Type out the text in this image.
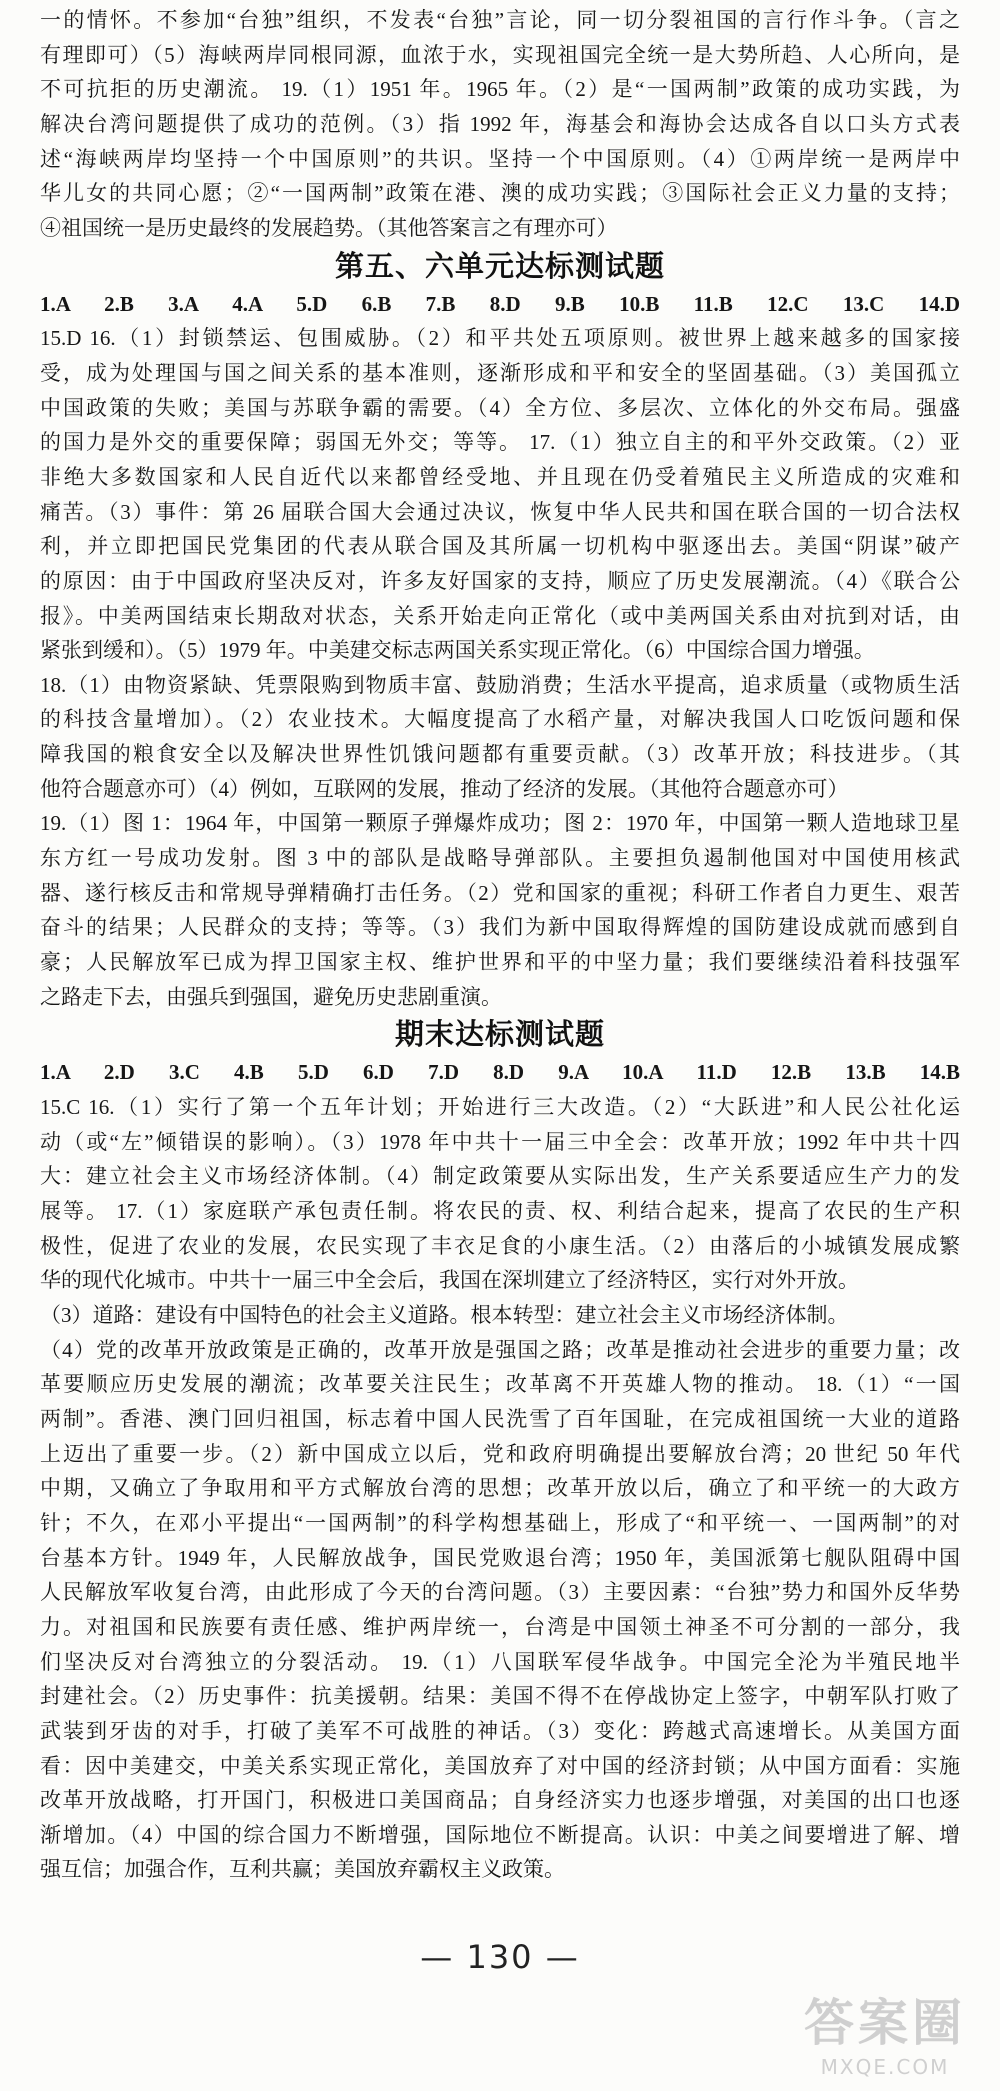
一的情怀。不参加“台独”组织，不发表“台独”言论，同一切分裂祖国的言行作斗争。（言之
有理即可）（5）海峡两岸同根同源，血浓于水，实现祖国完全统一是大势所趋、人心所向，是
不可抗拒的历史潮流。 19.（1）1951 年。1965 年。（2）是“一国两制”政策的成功实践，为
解决台湾问题提供了成功的范例。（3）指 1992 年，海基会和海协会达成各自以口头方式表
述“海峡两岸均坚持一个中国原则”的共识。坚持一个中国原则。（4）①两岸统一是两岸中
华儿女的共同心愿；②“一国两制”政策在港、澳的成功实践；③国际社会正义力量的支持；
④祖国统一是历史最终的发展趋势。（其他答案言之有理亦可）
第五、六单元达标测试题
1.A 2.B 3.A 4.A 5.D 6.B 7.B 8.D 9.B 10.B 11.B 12.C 13.C 14.D
15.D 16.（1）封锁禁运、包围威胁。（2）和平共处五项原则。被世界上越来越多的国家接
受，成为处理国与国之间关系的基本准则，逐渐形成和平和安全的坚固基础。（3）美国孤立
中国政策的失败；美国与苏联争霸的需要。（4）全方位、多层次、立体化的外交布局。强盛
的国力是外交的重要保障；弱国无外交；等等。 17.（1）独立自主的和平外交政策。（2）亚
非绝大多数国家和人民自近代以来都曾经受地、并且现在仍受着殖民主义所造成的灾难和
痛苦。（3）事件：第 26 届联合国大会通过决议，恢复中华人民共和国在联合国的一切合法权
利，并立即把国民党集团的代表从联合国及其所属一切机构中驱逐出去。美国“阴谋”破产
的原因：由于中国政府坚决反对，许多友好国家的支持，顺应了历史发展潮流。（4）《联合公
报》。中美两国结束长期敌对状态，关系开始走向正常化（或中美两国关系由对抗到对话，由
紧张到缓和）。（5）1979 年。中美建交标志两国关系实现正常化。（6）中国综合国力增强。
18.（1）由物资紧缺、凭票限购到物质丰富、鼓励消费；生活水平提高，追求质量（或物质生活
的科技含量增加）。（2）农业技术。大幅度提高了水稻产量，对解决我国人口吃饭问题和保
障我国的粮食安全以及解决世界性饥饿问题都有重要贡献。（3）改革开放；科技进步。（其
他符合题意亦可）（4）例如，互联网的发展，推动了经济的发展。（其他符合题意亦可）
19.（1）图 1：1964 年，中国第一颗原子弹爆炸成功；图 2：1970 年，中国第一颗人造地球卫星
东方红一号成功发射。图 3 中的部队是战略导弹部队。主要担负遏制他国对中国使用核武
器、遂行核反击和常规导弹精确打击任务。（2）党和国家的重视；科研工作者自力更生、艰苦
奋斗的结果；人民群众的支持；等等。（3）我们为新中国取得辉煌的国防建设成就而感到自
豪；人民解放军已成为捍卫国家主权、维护世界和平的中坚力量；我们要继续沿着科技强军
之路走下去，由强兵到强国，避免历史悲剧重演。
期末达标测试题
1.A 2.D 3.C 4.B 5.D 6.D 7.D 8.D 9.A 10.A 11.D 12.B 13.B 14.B
15.C 16.（1）实行了第一个五年计划；开始进行三大改造。（2）“大跃进”和人民公社化运
动（或“左”倾错误的影响）。（3）1978 年中共十一届三中全会：改革开放；1992 年中共十四
大：建立社会主义市场经济体制。（4）制定政策要从实际出发，生产关系要适应生产力的发
展等。 17.（1）家庭联产承包责任制。将农民的责、权、利结合起来，提高了农民的生产积
极性，促进了农业的发展，农民实现了丰衣足食的小康生活。（2）由落后的小城镇发展成繁
华的现代化城市。中共十一届三中全会后，我国在深圳建立了经济特区，实行对外开放。
（3）道路：建设有中国特色的社会主义道路。根本转型：建立社会主义市场经济体制。
（4）党的改革开放政策是正确的，改革开放是强国之路；改革是推动社会进步的重要力量；改
革要顺应历史发展的潮流；改革要关注民生；改革离不开英雄人物的推动。 18.（1）“一国
两制”。香港、澳门回归祖国，标志着中国人民洗雪了百年国耻，在完成祖国统一大业的道路
上迈出了重要一步。（2）新中国成立以后，党和政府明确提出要解放台湾；20 世纪 50 年代
中期，又确立了争取用和平方式解放台湾的思想；改革开放以后，确立了和平统一的大政方
针；不久，在邓小平提出“一国两制”的科学构想基础上，形成了“和平统一、一国两制”的对
台基本方针。1949 年，人民解放战争，国民党败退台湾；1950 年，美国派第七舰队阻碍中国
人民解放军收复台湾，由此形成了今天的台湾问题。（3）主要因素：“台独”势力和国外反华势
力。对祖国和民族要有责任感、维护两岸统一，台湾是中国领土神圣不可分割的一部分，我
们坚决反对台湾独立的分裂活动。 19.（1）八国联军侵华战争。中国完全沦为半殖民地半
封建社会。（2）历史事件：抗美援朝。结果：美国不得不在停战协定上签字，中朝军队打败了
武装到牙齿的对手，打破了美军不可战胜的神话。（3）变化：跨越式高速增长。从美国方面
看：因中美建交，中美关系实现正常化，美国放弃了对中国的经济封锁；从中国方面看：实施
改革开放战略，打开国门，积极进口美国商品；自身经济实力也逐步增强，对美国的出口也逐
渐增加。（4）中国的综合国力不断增强，国际地位不断提高。认识：中美之间要增进了解、增
强互信；加强合作，互利共赢；美国放弃霸权主义政策。
— 130 —
答案圈
MXQE.COM
